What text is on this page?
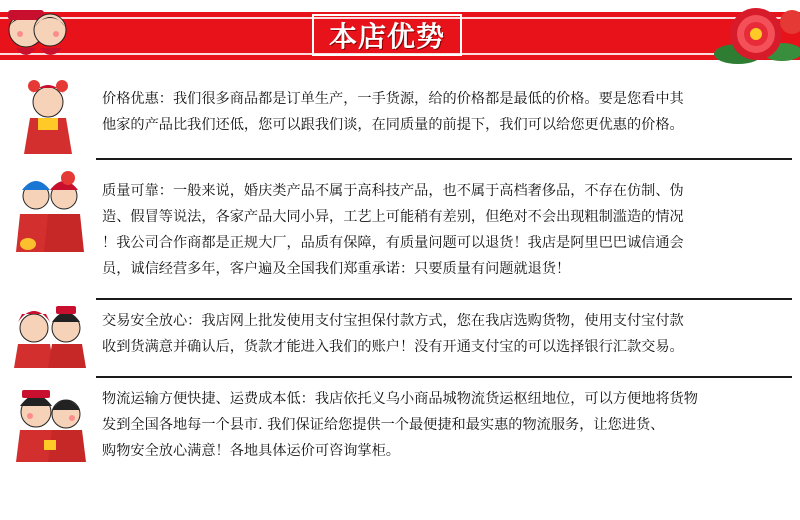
本店优势
价格优惠：我们很多商品都是订单生产，一手货源，给的价格都是最低的价格。要是您看中其
他家的产品比我们还低，您可以跟我们谈，在同质量的前提下，我们可以给您更优惠的价格。
质量可靠：一般来说，婚庆类产品不属于高科技产品，也不属于高档奢侈品，不存在仿制、伪
造、假冒等说法，各家产品大同小异，工艺上可能稍有差别，但绝对不会出现粗制滥造的情况
！我公司合作商都是正规大厂，品质有保障，有质量问题可以退货！我店是阿里巴巴诚信通会
员，诚信经营多年，客户遍及全国我们郑重承诺：只要质量有问题就退货！
交易安全放心：我店网上批发使用支付宝担保付款方式，您在我店选购货物，使用支付宝付款
收到货满意并确认后，货款才能进入我们的账户！没有开通支付宝的可以选择银行汇款交易。
物流运输方便快捷、运费成本低：我店依托义乌小商品城物流货运枢纽地位，可以方便地将货物
发到全国各地每一个县市. 我们保证给您提供一个最便捷和最实惠的物流服务，让您进货、
购物安全放心满意！各地具体运价可咨询掌柜。
